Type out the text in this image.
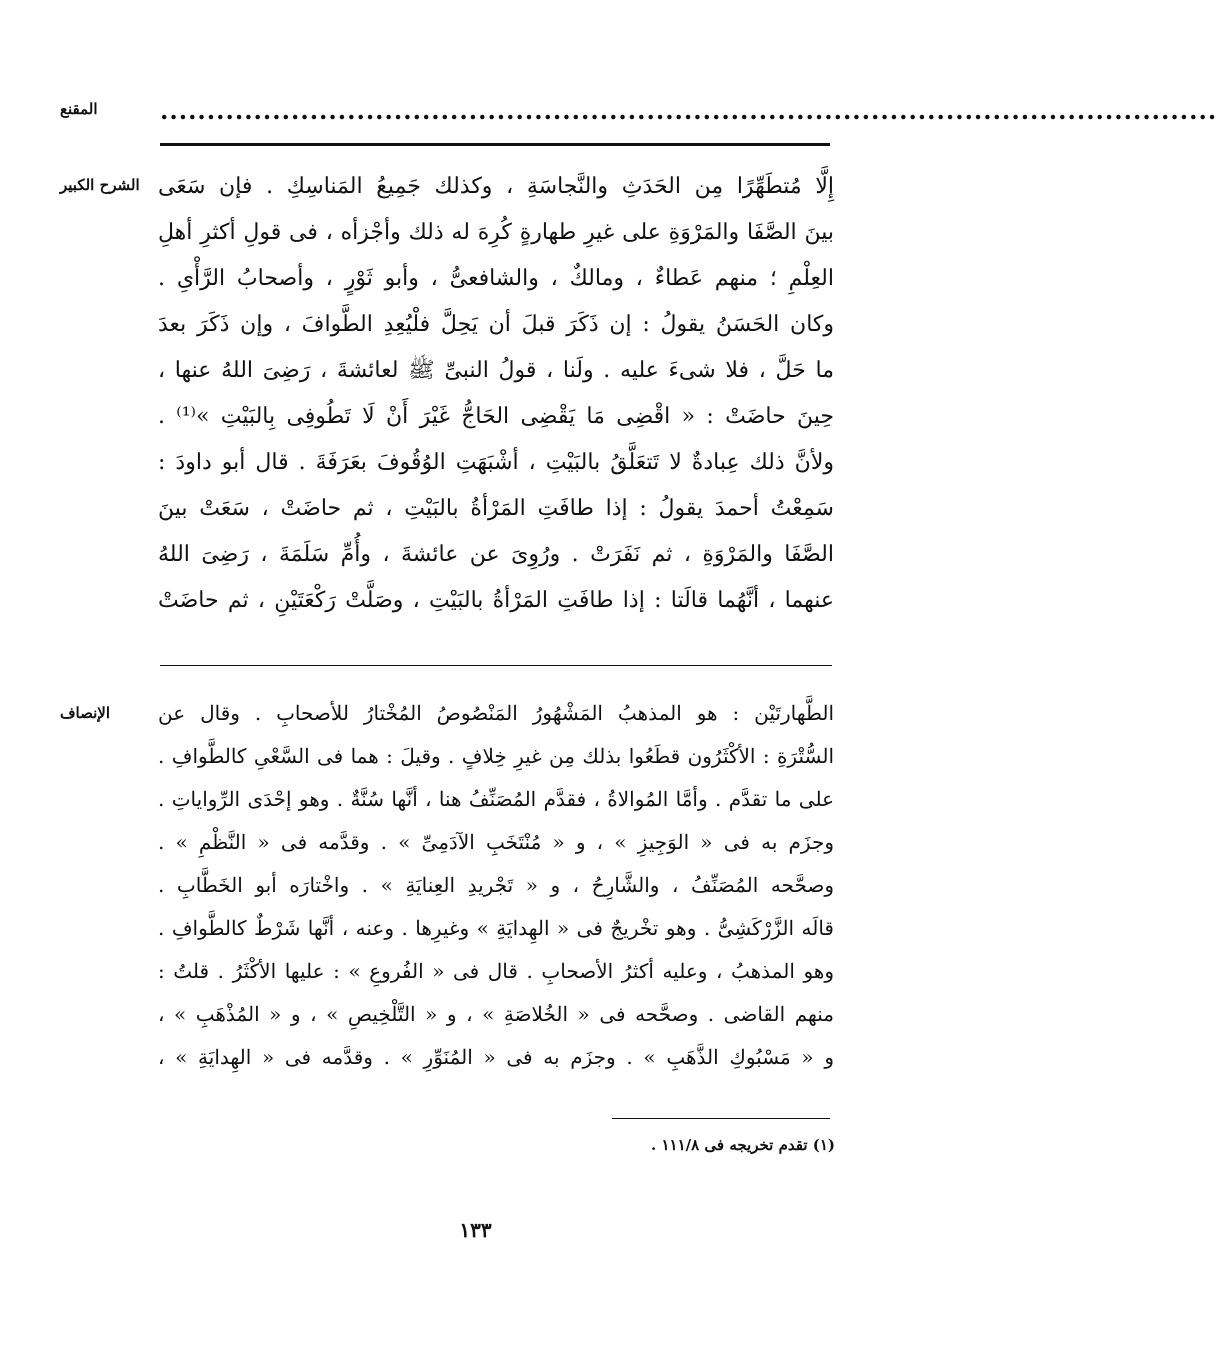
المقنع	.................................................................................................................
الشرح الكبير إِلَّا مُتطَهِّرًا مِن الحَدَثِ والنَّجاسَةِ ، وكذلك جَمِيعُ المَناسِكِ . فإن سَعَى
بينَ الصَّفَا والمَرْوَةِ على غيرِ طهارةٍ كُرِهَ له ذلك وأجْزأه ، فى قولِ أكثرِ أهلِ
العِلْمِ ؛ منهم عَطاءٌ ، ومالكٌ ، والشافعىُّ ، وأبو ثَوْرٍ ، وأصحابُ الرَّأْىِ .
وكان الحَسَنُ يقولُ : إن ذَكَرَ قبلَ أن يَحِلَّ فلْيُعِدِ الطَّوافَ ، وإن ذَكَرَ بعدَ
ما حَلَّ ، فلا شىءَ عليه . ولَنا ، قولُ النبىِّ ﷺ لعائشةَ ، رَضِىَ اللهُ عنها ،
حِينَ حاضَتْ : « اقْضِى مَا يَقْضِى الحَاجُّ غَيْرَ أَنْ لَا تَطُوفِى بِالبَيْتِ »⁽¹⁾ .
ولأنَّ ذلك عِبادةٌ لا تَتعَلَّقُ بالبَيْتِ ، أشْبَهَتِ الوُقُوفَ بعَرَفَةَ . قال أبو داودَ :
سَمِعْتُ أحمدَ يقولُ : إذا طافَتِ المَرْأةُ بالبَيْتِ ، ثم حاضَتْ ، سَعَتْ بينَ
الصَّفَا والمَرْوَةِ ، ثم نَفَرَتْ . ورُوِىَ عن عائشةَ ، وأُمِّ سَلَمَةَ ، رَضِىَ اللهُ
عنهما ، أنَّهُما قالَتا : إذا طافَتِ المَرْأةُ بالبَيْتِ ، وصَلَّتْ رَكْعَتَيْنِ ، ثم حاضَتْ
الإنصاف	الطَّهارتَيْن : هو المذهبُ المَشْهُورُ المَنْصُوصُ المُخْتارُ للأصحابِ . وقال عن
السُّتْرَةِ : الأكْثَرُون قطَعُوا بذلك مِن غيرِ خِلافٍ . وقيلَ : هما فى السَّعْىِ كالطَّوافِ .
على ما تقدَّم . وأمَّا المُوالاةُ ، فقدَّم المُصَنِّفُ هنا ، أنَّها سُنَّةٌ . وهو إحْدَى الرِّواياتِ .
وجزَم به فى « الوَجِيزِ » ، و « مُنْتَخَبِ الآدَمِىِّ » . وقدَّمه فى « النَّظْمِ » .
وصحَّحه المُصَنِّفُ ، والشَّارِحُ ، و « تَجْريدِ العِنايَةِ » . واخْتارَه أبو الخَطَّابِ .
قالَه الزَّرْكَشِىُّ . وهو تخْريجٌ فى « الهِدايَةِ » وغيرِها . وعنه ، أنَّها شَرْطٌ كالطَّوافِ .
وهو المذهبُ ، وعليه أكثرُ الأصحابِ . قال فى « الفُروعِ » : عليها الأكْثَرُ . قلتُ :
منهم القاضى . وصحَّحه فى « الخُلاصَةِ » ، و « التَّلْخِيصِ » ، و « المُذْهَبِ » ،
و « مَسْبُوكِ الذَّهَبِ » . وجزَم به فى « المُنَوِّرِ » . وقدَّمه فى « الهِدايَةِ » ،
(١) تقدم تخريجه فى ١١١/٨ .
١٣٣
